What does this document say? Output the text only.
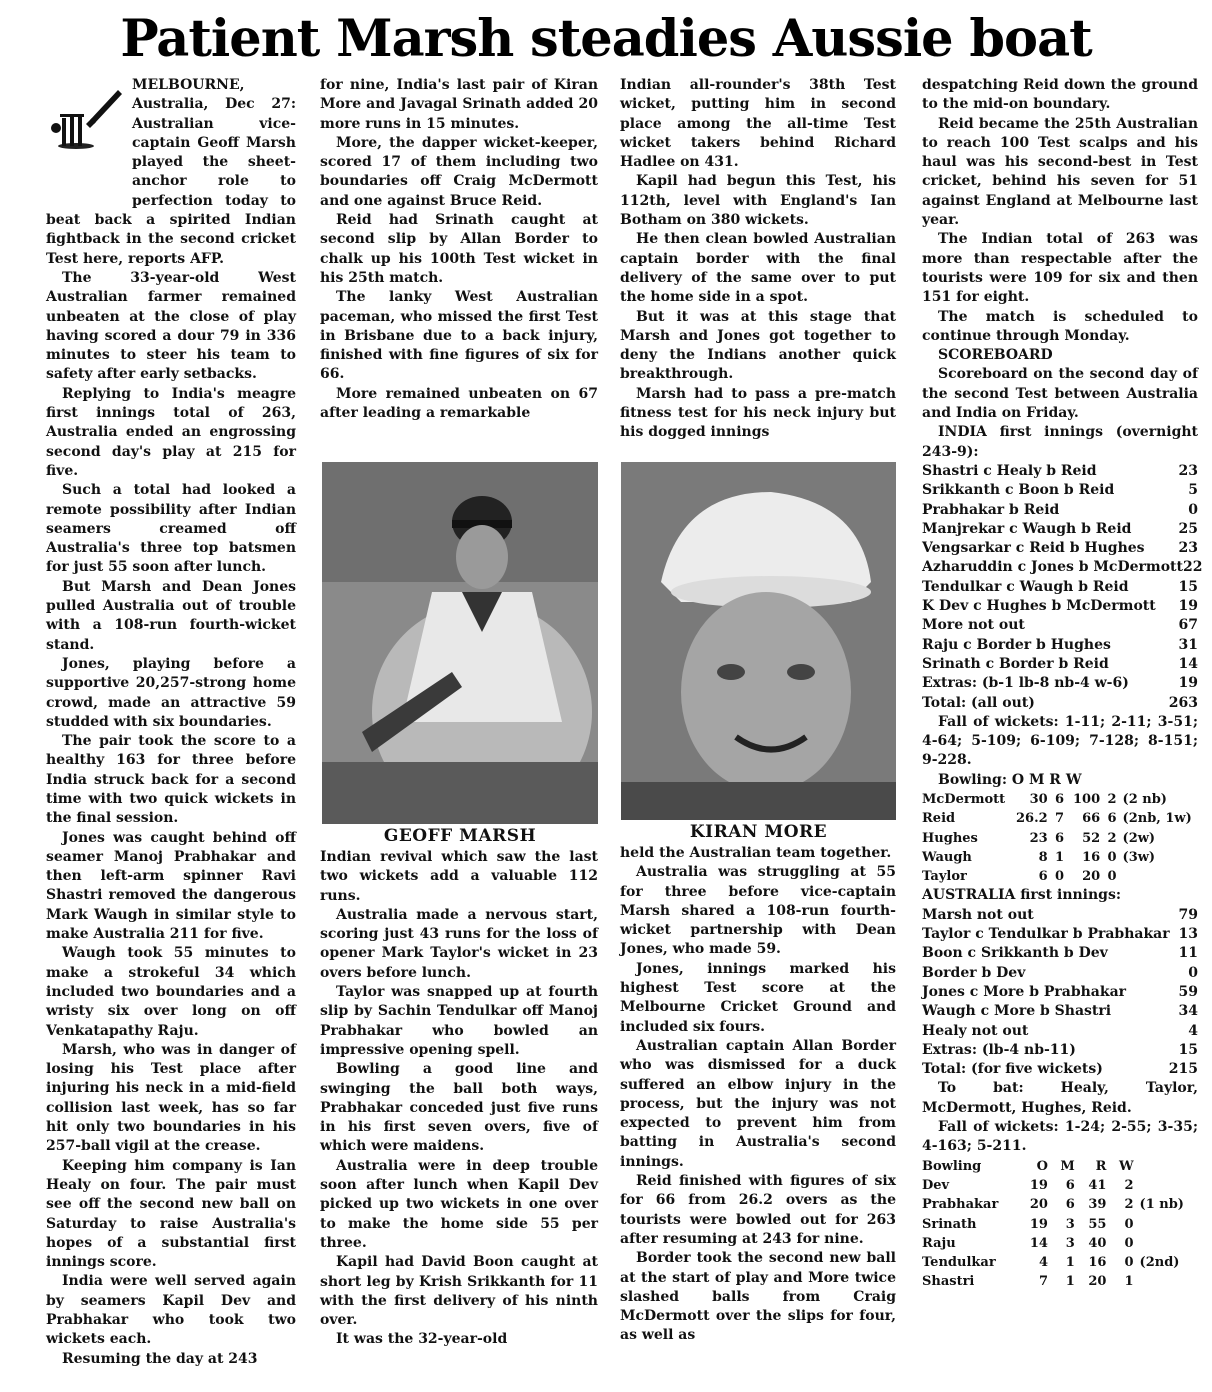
Patient Marsh steadies Aussie boat

MELBOURNE, Australia, Dec 27: Australian vice-captain Geoff Marsh played the sheet-anchor role to perfection today to beat back a spirited Indian fightback in the second cricket Test here, reports AFP.

The 33-year-old West Australian farmer remained unbeaten at the close of play having scored a dour 79 in 336 minutes to steer his team to safety after early setbacks.

Replying to India's meagre first innings total of 263, Australia ended an engrossing second day's play at 215 for five.

Such a total had looked a remote possibility after Indian seamers creamed off Australia's three top batsmen for just 55 soon after lunch.

But Marsh and Dean Jones pulled Australia out of trouble with a 108-run fourth-wicket stand.

Jones, playing before a supportive 20,257-strong home crowd, made an attractive 59 studded with six boundaries.

The pair took the score to a healthy 163 for three before India struck back for a second time with two quick wickets in the final session.

Jones was caught behind off seamer Manoj Prabhakar and then left-arm spinner Ravi Shastri removed the dangerous Mark Waugh in similar style to make Australia 211 for five.

Waugh took 55 minutes to make a strokeful 34 which included two boundaries and a wristy six over long on off Venkatapathy Raju.

Marsh, who was in danger of losing his Test place after injuring his neck in a mid-field collision last week, has so far hit only two boundaries in his 257-ball vigil at the crease.

Keeping him company is Ian Healy on four. The pair must see off the second new ball on Saturday to raise Australia's hopes of a substantial first innings score.

India were well served again by seamers Kapil Dev and Prabhakar who took two wickets each.

Resuming the day at 243

for nine, India's last pair of Kiran More and Javagal Srinath added 20 more runs in 15 minutes.

More, the dapper wicket-keeper, scored 17 of them including two boundaries off Craig McDermott and one against Bruce Reid.

Reid had Srinath caught at second slip by Allan Border to chalk up his 100th Test wicket in his 25th match.

The lanky West Australian paceman, who missed the first Test in Brisbane due to a back injury, finished with fine figures of six for 66.

More remained unbeaten on 67 after leading a remarkable

GEOFF MARSH

Indian revival which saw the last two wickets add a valuable 112 runs.

Australia made a nervous start, scoring just 43 runs for the loss of opener Mark Taylor's wicket in 23 overs before lunch.

Taylor was snapped up at fourth slip by Sachin Tendulkar off Manoj Prabhakar who bowled an impressive opening spell.

Bowling a good line and swinging the ball both ways, Prabhakar conceded just five runs in his first seven overs, five of which were maidens.

Australia were in deep trouble soon after lunch when Kapil Dev picked up two wickets in one over to make the home side 55 per three.

Kapil had David Boon caught at short leg by Krish Srikkanth for 11 with the first delivery of his ninth over.

It was the 32-year-old

Indian all-rounder's 38th Test wicket, putting him in second place among the all-time Test wicket takers behind Richard Hadlee on 431.

Kapil had begun this Test, his 112th, level with England's Ian Botham on 380 wickets.

He then clean bowled Australian captain border with the final delivery of the same over to put the home side in a spot.

But it was at this stage that Marsh and Jones got together to deny the Indians another quick breakthrough.

Marsh had to pass a pre-match fitness test for his neck injury but his dogged innings

KIRAN MORE

held the Australian team together.

Australia was struggling at 55 for three before vice-captain Marsh shared a 108-run fourth-wicket partnership with Dean Jones, who made 59.

Jones, innings marked his highest Test score at the Melbourne Cricket Ground and included six fours.

Australian captain Allan Border who was dismissed for a duck suffered an elbow injury in the process, but the injury was not expected to prevent him from batting in Australia's second innings.

Reid finished with figures of six for 66 from 26.2 overs as the tourists were bowled out for 263 after resuming at 243 for nine.

Border took the second new ball at the start of play and More twice slashed balls from Craig McDermott over the slips for four, as well as

despatching Reid down the ground to the mid-on boundary.

Reid became the 25th Australian to reach 100 Test scalps and his haul was his second-best in Test cricket, behind his seven for 51 against England at Melbourne last year.

The Indian total of 263 was more than respectable after the tourists were 109 for six and then 151 for eight.

The match is scheduled to continue through Monday.

SCOREBOARD

Scoreboard on the second day of the second Test between Australia and India on Friday.

INDIA first innings (overnight 243-9):

Shastri c Healy b Reid	23
Srikkanth c Boon b Reid	5
Prabhakar b Reid	0
Manjrekar c Waugh b Reid	25
Vengsarkar c Reid b Hughes 23
Azharuddin c Jones b McDermott 22
Tendulkar c Waugh b Reid	15
K Dev c Hughes b McDermott 19
More not out	67
Raju c Border b Hughes	31
Srinath c Border b Reid	14
Extras: (b-1 lb-8 nb-4 w-6)	19
Total: (all out)	263

Fall of wickets: 1-11; 2-11; 3-51; 4-64; 5-109; 6-109; 7-128; 8-151; 9-228.

Bowling: O M R W

McDermott	30	6	100	2	(2 nb)
Reid	26.2	7	66	6	(2nb, 1w)
Hughes	23	6	52	2	(2w)
Waugh	8	1	16	0	(3w)
Taylor	6	0	20	0	

AUSTRALIA first innings:

Marsh not out	79
Taylor c Tendulkar b Prabhakar 13
Boon c Srikkanth b Dev	11
Border b Dev	0
Jones c More b Prabhakar	59
Waugh c More b Shastri	34
Healy not out	4
Extras: (lb-4 nb-11)	15
Total: (for five wickets)	215

To bat: Healy, Taylor, McDermott, Hughes, Reid.

Fall of wickets: 1-24; 2-55; 3-35; 4-163; 5-211.

Bowling	O	M	R	W	
Dev	19	6	41	2	
Prabhakar	20	6	39	2	(1 nb)
Srinath	19	3	55	0	
Raju	14	3	40	0	
Tendulkar	4	1	16	0	(2nd)
Shastri	7	1	20	1	
